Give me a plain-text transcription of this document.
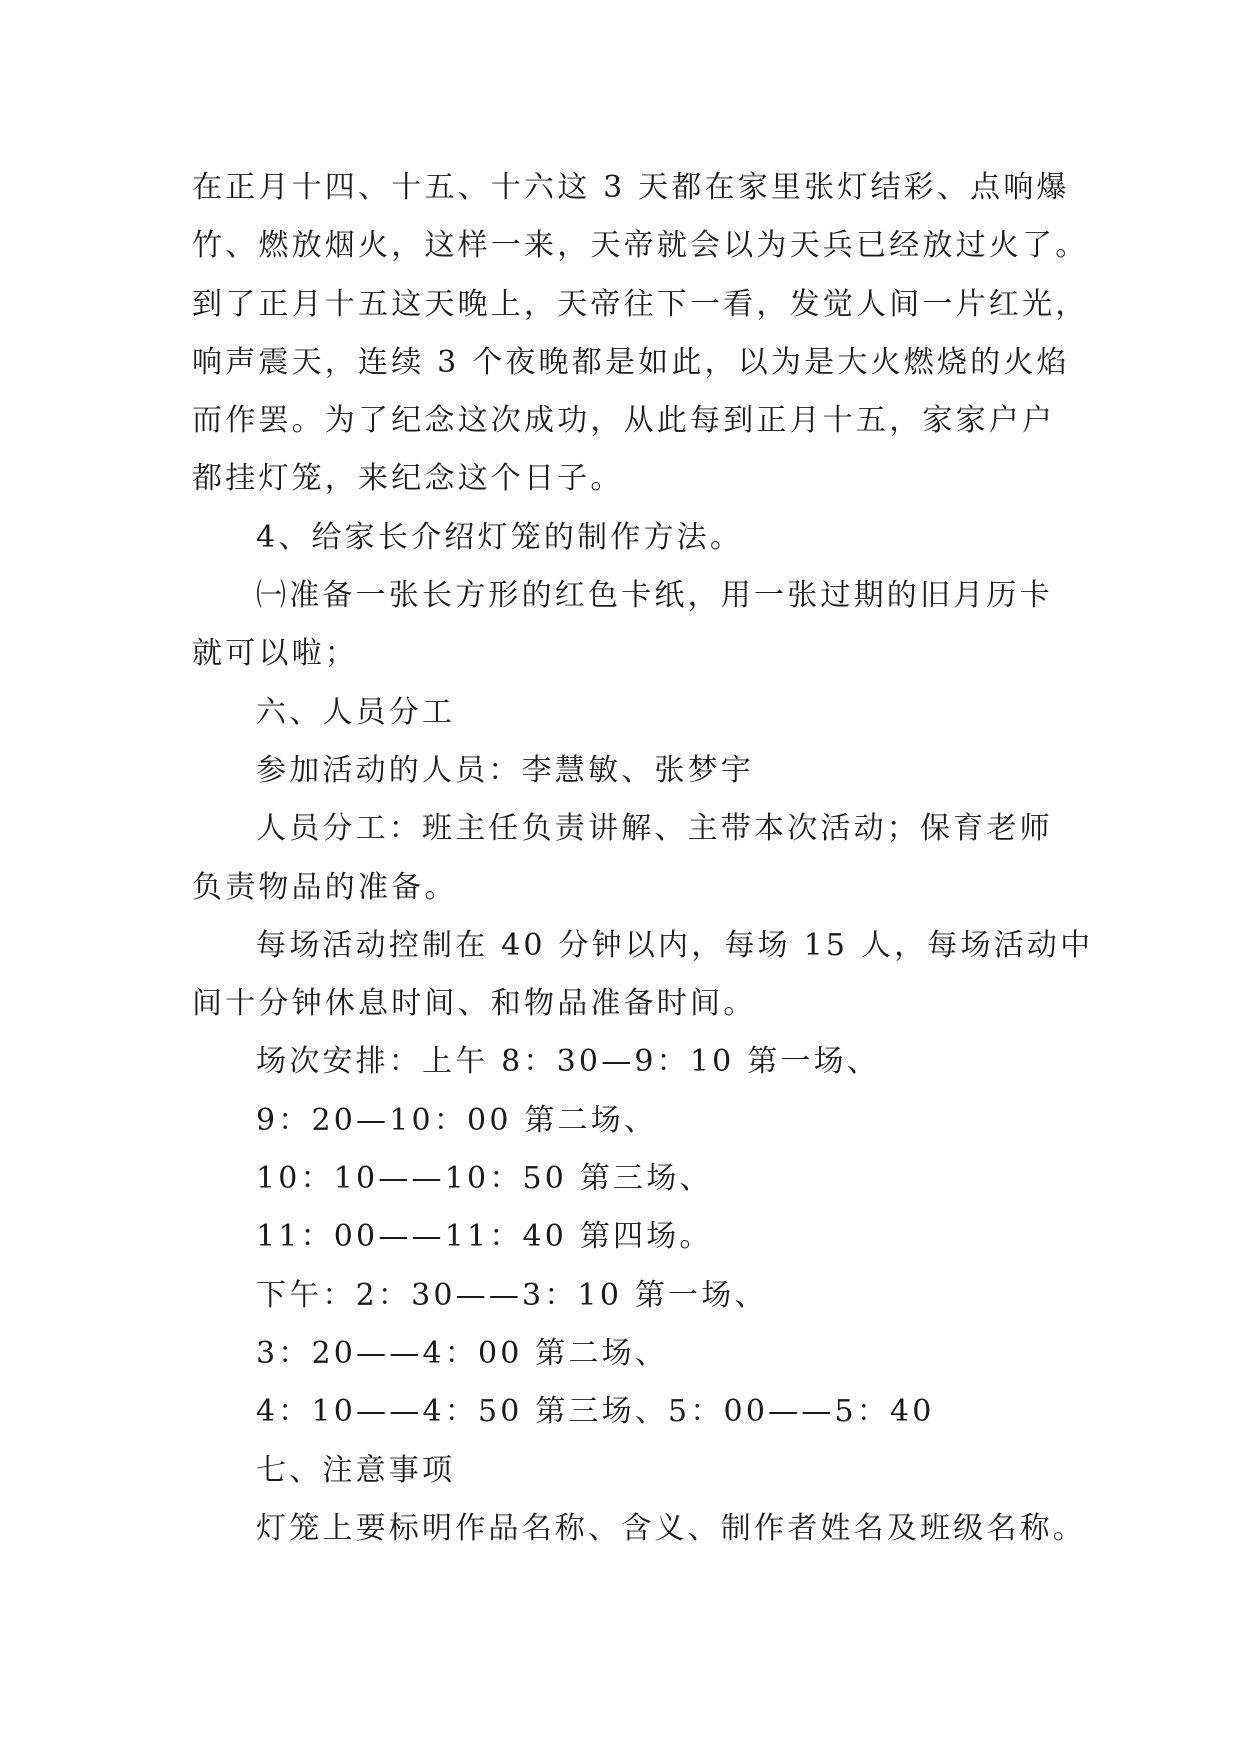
在正月十四、十五、十六这 3 天都在家里张灯结彩、点响爆
竹、燃放烟火，这样一来，天帝就会以为天兵已经放过火了。
到了正月十五这天晚上，天帝往下一看，发觉人间一片红光，
响声震天，连续 3 个夜晚都是如此，以为是大火燃烧的火焰
而作罢。为了纪念这次成功，从此每到正月十五，家家户户
都挂灯笼，来纪念这个日子。
4、给家长介绍灯笼的制作方法。
㈠准备一张长方形的红色卡纸，用一张过期的旧月历卡
就可以啦；
六、人员分工
参加活动的人员：李慧敏、张梦宇
人员分工：班主任负责讲解、主带本次活动；保育老师
负责物品的准备。
每场活动控制在 40 分钟以内，每场 15 人，每场活动中
间十分钟休息时间、和物品准备时间。
场次安排：上午 8：30—9：10 第一场、
9：20—10：00 第二场、
10：10——10：50 第三场、
11：00——11：40 第四场。
下午：2：30——3：10 第一场、
3：20——4：00 第二场、
4：10——4：50 第三场、5：00——5：40
七、注意事项
灯笼上要标明作品名称、含义、制作者姓名及班级名称。
